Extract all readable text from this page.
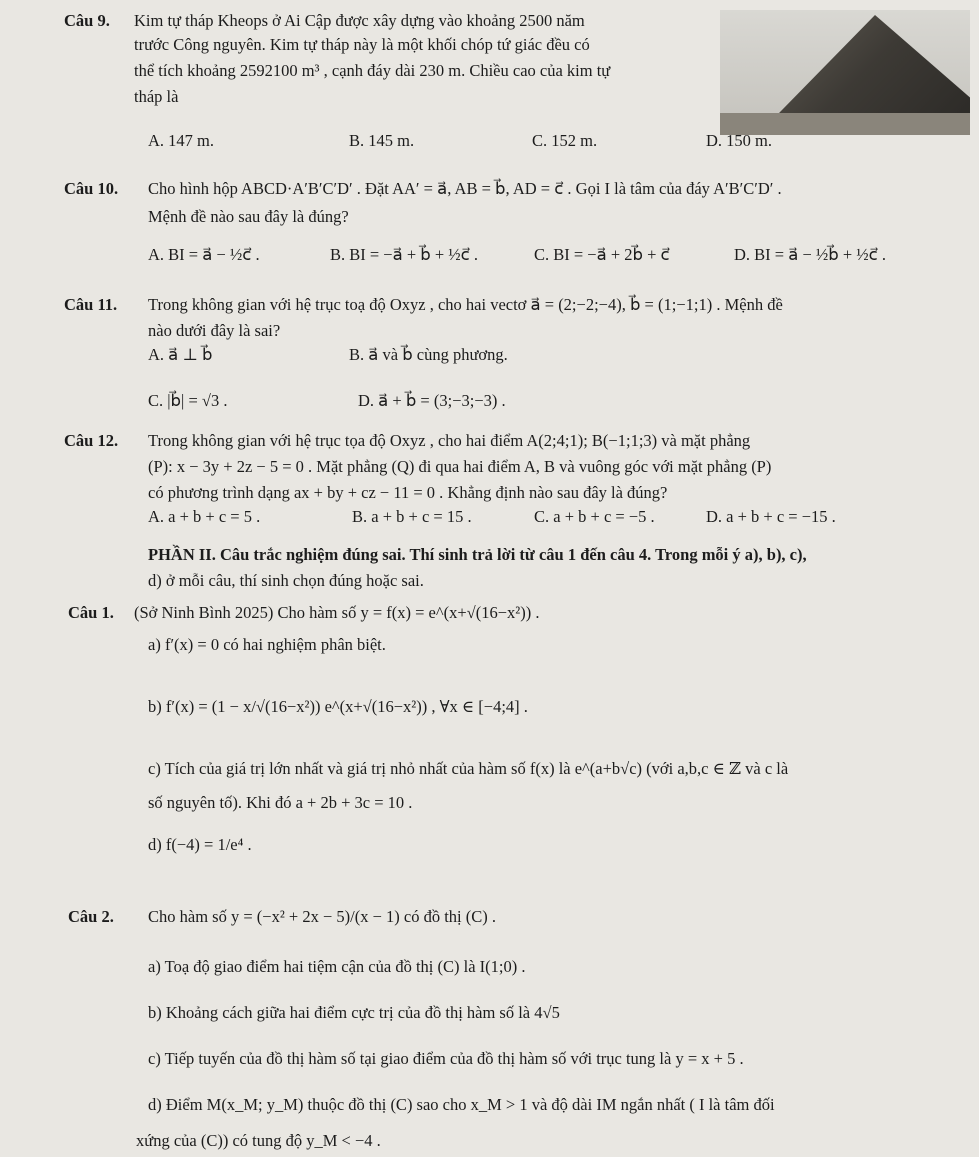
Câu 9. Kim tự tháp Kheops ở Ai Cập được xây dựng vào khoảng 2500 năm
trước Công nguyên. Kim tự tháp này là một khối chóp tứ giác đều có
thể tích khoảng 2592100 m³ , cạnh đáy dài 230 m. Chiều cao của kim tự
tháp là
A. 147 m.	B. 145 m.	C. 152 m.	D. 150 m.
Câu 10. Cho hình hộp ABCD·A′B′C′D′ . Đặt AA′ = a⃗, AB = b⃗, AD = c⃗ . Gọi I là tâm của đáy A′B′C′D′ .
Mệnh đề nào sau đây là đúng?
A. BI = a⃗ − ½c⃗ .	B. BI = −a⃗ + b⃗ + ½c⃗ .	C. BI = −a⃗ + 2b⃗ + c⃗	D. BI = a⃗ − ½b⃗ + ½c⃗ .
Câu 11. Trong không gian với hệ trục toạ độ Oxyz , cho hai vectơ a⃗ = (2;−2;−4), b⃗ = (1;−1;1) . Mệnh đề
nào dưới đây là sai?
A. a⃗ ⊥ b⃗	B. a⃗ và b⃗ cùng phương.
C. |b⃗| = √3 .	D. a⃗ + b⃗ = (3;−3;−3) .
Câu 12. Trong không gian với hệ trục tọa độ Oxyz , cho hai điểm A(2;4;1); B(−1;1;3) và mặt phẳng
(P): x − 3y + 2z − 5 = 0 . Mặt phẳng (Q) đi qua hai điểm A, B và vuông góc với mặt phẳng (P)
có phương trình dạng ax + by + cz − 11 = 0 . Khẳng định nào sau đây là đúng?
A. a + b + c = 5 .	B. a + b + c = 15 .	C. a + b + c = −5 .	D. a + b + c = −15 .
PHẦN II. Câu trắc nghiệm đúng sai. Thí sinh trả lời từ câu 1 đến câu 4. Trong mỗi ý a), b), c),
d) ở mỗi câu, thí sinh chọn đúng hoặc sai.
Câu 1. (Sở Ninh Bình 2025) Cho hàm số y = f(x) = e^(x+√(16−x²)) .
a) f′(x) = 0 có hai nghiệm phân biệt.
b) f′(x) = (1 − x/√(16−x²)) e^(x+√(16−x²)) , ∀x ∈ [−4;4] .
c) Tích của giá trị lớn nhất và giá trị nhỏ nhất của hàm số f(x) là e^(a+b√c) (với a,b,c ∈ ℤ và c là
số nguyên tố). Khi đó a + 2b + 3c = 10 .
d) f(−4) = 1/e⁴ .
Câu 2. Cho hàm số y = (−x² + 2x − 5)/(x − 1) có đồ thị (C) .
a) Toạ độ giao điểm hai tiệm cận của đồ thị (C) là I(1;0) .
b) Khoảng cách giữa hai điểm cực trị của đồ thị hàm số là 4√5
c) Tiếp tuyến của đồ thị hàm số tại giao điểm của đồ thị hàm số với trục tung là y = x + 5 .
d) Điểm M(x_M; y_M) thuộc đồ thị (C) sao cho x_M > 1 và độ dài IM ngắn nhất ( I là tâm đối
xứng của (C)) có tung độ y_M < −4 .
